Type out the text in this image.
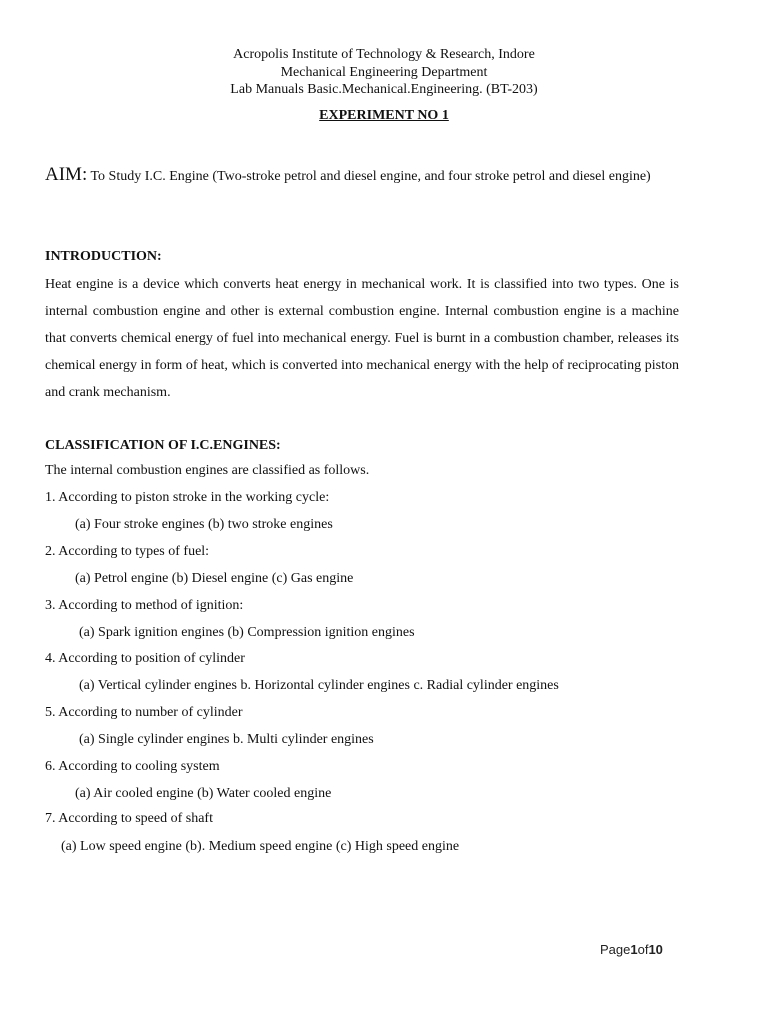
Acropolis Institute of Technology & Research, Indore
Mechanical Engineering Department
Lab Manuals Basic.Mechanical.Engineering. (BT-203)
EXPERIMENT NO 1
AIM: To Study I.C. Engine (Two-stroke petrol and diesel engine, and four stroke petrol and diesel engine)
INTRODUCTION:
Heat engine is a device which converts heat energy in mechanical work. It is classified into two types. One is internal combustion engine and other is external combustion engine. Internal combustion engine is a machine that converts chemical energy of fuel into mechanical energy. Fuel is burnt in a combustion chamber, releases its chemical energy in form of heat, which is converted into mechanical energy with the help of reciprocating piston and crank mechanism.
CLASSIFICATION OF I.C.ENGINES:
The internal combustion engines are classified as follows.
1. According to piston stroke in the working cycle:
(a) Four stroke engines (b) two stroke engines
2. According to types of fuel:
(a) Petrol engine (b) Diesel engine (c) Gas engine
3. According to method of ignition:
(a) Spark ignition engines (b) Compression ignition engines
4. According to position of cylinder
(a) Vertical cylinder engines b. Horizontal cylinder engines c. Radial cylinder engines
5. According to number of cylinder
(a) Single cylinder engines b. Multi cylinder engines
6. According to cooling system
(a) Air cooled engine (b) Water cooled engine
7. According to speed of shaft
(a) Low speed engine (b). Medium speed engine (c) High speed engine
Page1of10
